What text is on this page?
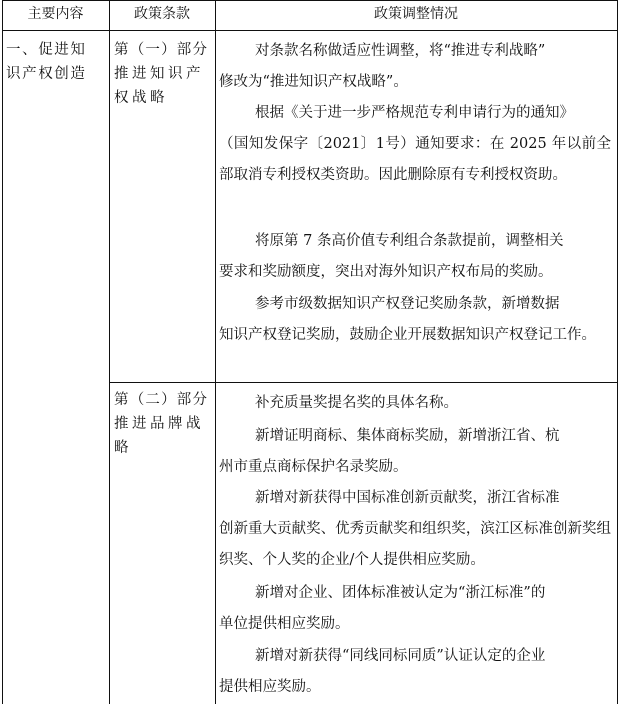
主要内容	政策条款	政策调整情况
一、促进知
识产权创造
第（一）部分
推进知识产
权战略
第（二）部分
推进品牌战
略

对条款名称做适应性调整，将“推进专利战略”
修改为“推进知识产权战略”。

根据《关于进一步严格规范专利申请行为的通知》
（国知发保字〔2021〕1号）通知要求：在 2025 年以前全部取消专利授权类资助。因此删除原有专利授权资助。

将原第 7 条高价值专利组合条款提前，调整相关
要求和奖励额度，突出对海外知识产权布局的奖励。

参考市级数据知识产权登记奖励条款，新增数据
知识产权登记奖励，鼓励企业开展数据知识产权登记工作。

补充质量奖提名奖的具体名称。

新增证明商标、集体商标奖励，新增浙江省、杭
州市重点商标保护名录奖励。

新增对新获得中国标准创新贡献奖，浙江省标准
创新重大贡献奖、优秀贡献奖和组织奖，滨江区标准创新奖组织奖、个人奖的企业/个人提供相应奖励。

新增对企业、团体标准被认定为“浙江标准”的
单位提供相应奖励。

新增对新获得“同线同标同质”认证认定的企业
提供相应奖励。
